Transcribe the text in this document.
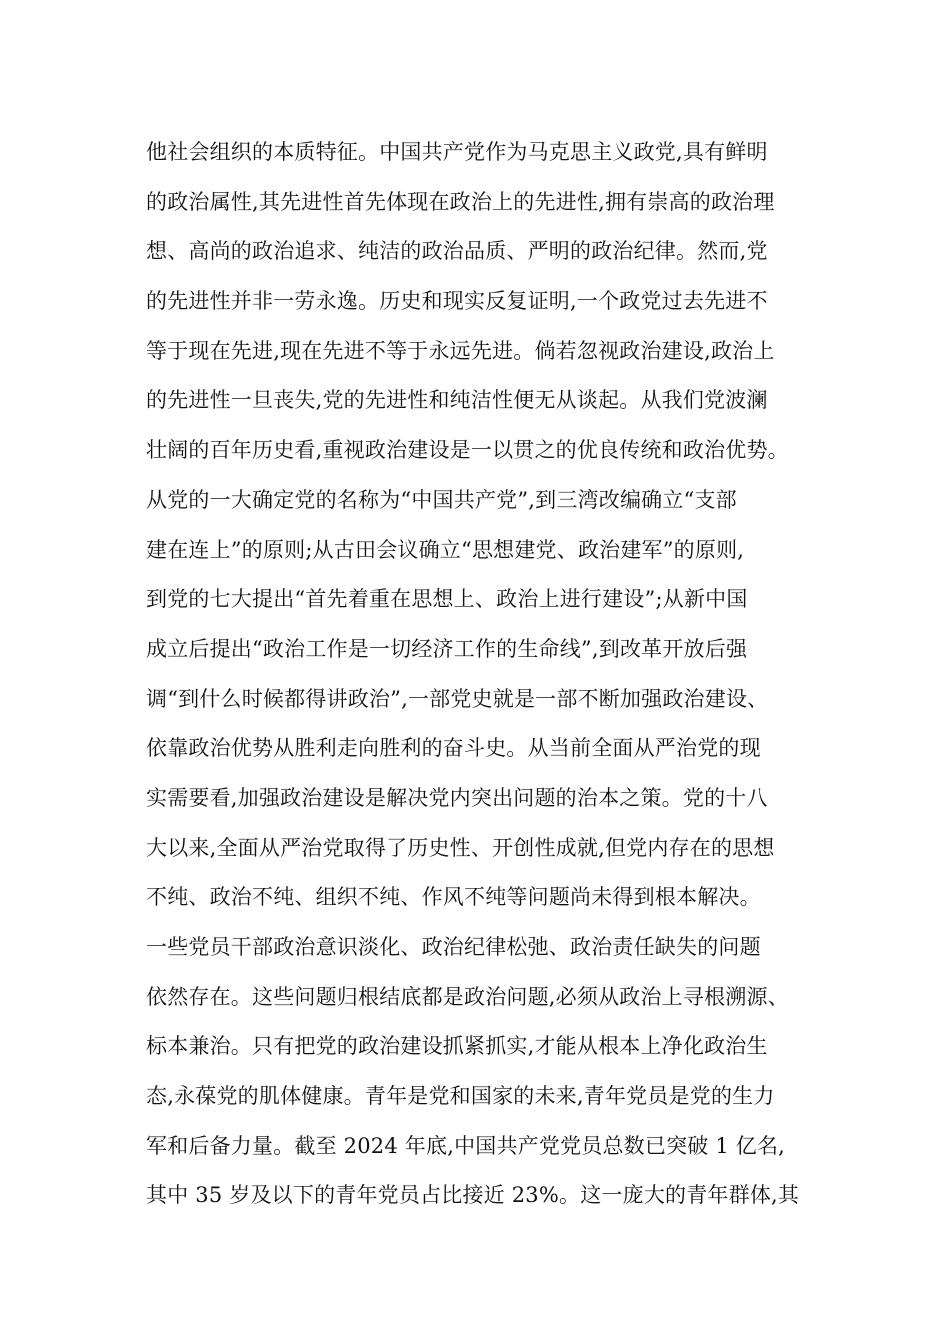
他社会组织的本质特征。中国共产党作为马克思主义政党,具有鲜明
的政治属性,其先进性首先体现在政治上的先进性,拥有崇高的政治理
想、高尚的政治追求、纯洁的政治品质、严明的政治纪律。然而,党
的先进性并非一劳永逸。历史和现实反复证明,一个政党过去先进不
等于现在先进,现在先进不等于永远先进。倘若忽视政治建设,政治上
的先进性一旦丧失,党的先进性和纯洁性便无从谈起。从我们党波澜
壮阔的百年历史看,重视政治建设是一以贯之的优良传统和政治优势。
从党的一大确定党的名称为“中国共产党”,到三湾改编确立“支部
建在连上”的原则;从古田会议确立“思想建党、政治建军”的原则,
到党的七大提出“首先着重在思想上、政治上进行建设”;从新中国
成立后提出“政治工作是一切经济工作的生命线”,到改革开放后强
调“到什么时候都得讲政治”,一部党史就是一部不断加强政治建设、
依靠政治优势从胜利走向胜利的奋斗史。从当前全面从严治党的现
实需要看,加强政治建设是解决党内突出问题的治本之策。党的十八
大以来,全面从严治党取得了历史性、开创性成就,但党内存在的思想
不纯、政治不纯、组织不纯、作风不纯等问题尚未得到根本解决。
一些党员干部政治意识淡化、政治纪律松弛、政治责任缺失的问题
依然存在。这些问题归根结底都是政治问题,必须从政治上寻根溯源、
标本兼治。只有把党的政治建设抓紧抓实,才能从根本上净化政治生
态,永葆党的肌体健康。青年是党和国家的未来,青年党员是党的生力
军和后备力量。截至 2024 年底,中国共产党党员总数已突破 1 亿名,
其中 35 岁及以下的青年党员占比接近 23%。这一庞大的青年群体,其
